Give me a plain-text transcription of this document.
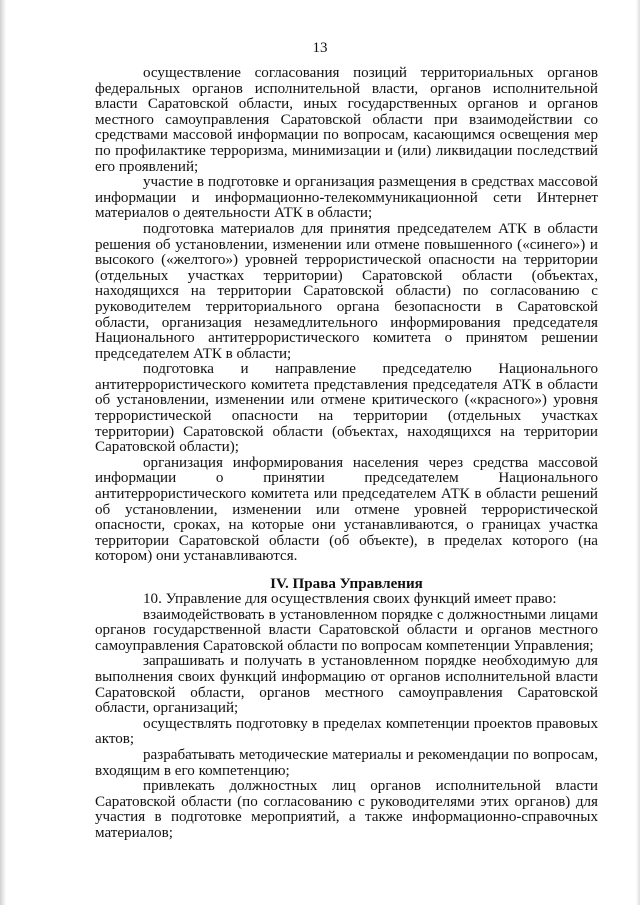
13

осуществление согласования позиций территориальных органов федеральных органов исполнительной власти, органов исполнительной власти Саратовской области, иных государственных органов и органов местного самоуправления Саратовской области при взаимодействии со средствами массовой информации по вопросам, касающимся освещения мер по профилактике терроризма, минимизации и (или) ликвидации последствий его проявлений;

участие в подготовке и организация размещения в средствах массовой информации и информационно-телекоммуникационной сети Интернет материалов о деятельности АТК в области;

подготовка материалов для принятия председателем АТК в области решения об установлении, изменении или отмене повышенного («синего») и высокого («желтого») уровней террористической опасности на территории (отдельных участках территории) Саратовской области (объектах, находящихся на территории Саратовской области) по согласованию с руководителем территориального органа безопасности в Саратовской области, организация незамедлительного информирования председателя Национального антитеррористического комитета о принятом решении председателем АТК в области;

подготовка и направление председателю Национального антитеррористического комитета представления председателя АТК в области об установлении, изменении или отмене критического («красного») уровня террористической опасности на территории (отдельных участках территории) Саратовской области (объектах, находящихся на территории Саратовской области);

организация информирования населения через средства массовой информации о принятии председателем Национального антитеррористического комитета или председателем АТК в области решений об установлении, изменении или отмене уровней террористической опасности, сроках, на которые они устанавливаются, о границах участка территории Саратовской области (об объекте), в пределах которого (на котором) они устанавливаются.

IV. Права Управления

10. Управление для осуществления своих функций имеет право:

взаимодействовать в установленном порядке с должностными лицами органов государственной власти Саратовской области и органов местного самоуправления Саратовской области по вопросам компетенции Управления;

запрашивать и получать в установленном порядке необходимую для выполнения своих функций информацию от органов исполнительной власти Саратовской области, органов местного самоуправления Саратовской области, организаций;

осуществлять подготовку в пределах компетенции проектов правовых актов;

разрабатывать методические материалы и рекомендации по вопросам, входящим в его компетенцию;

привлекать должностных лиц органов исполнительной власти Саратовской области (по согласованию с руководителями этих органов) для участия в подготовке мероприятий, а также информационно-справочных материалов;
